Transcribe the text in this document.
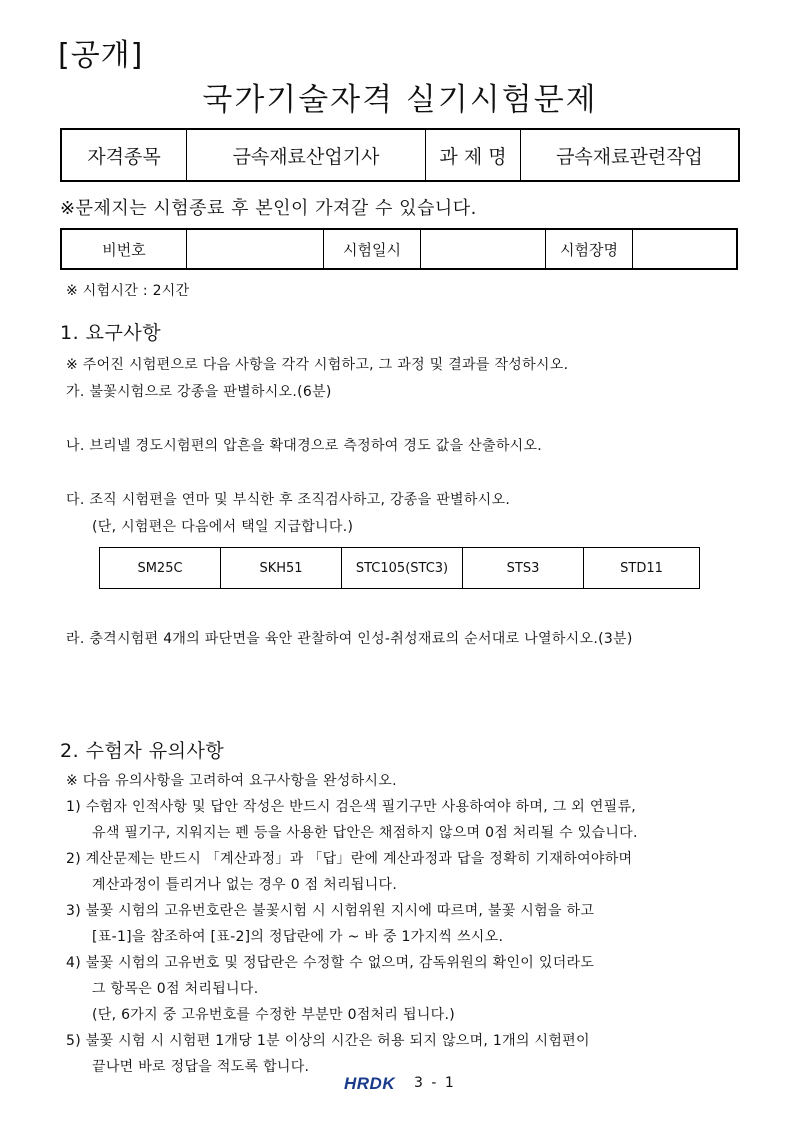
[공개]
국가기술자격 실기시험문제
자격종목	금속재료산업기사	과 제 명	금속재료관련작업
※문제지는 시험종료 후 본인이 가져갈 수 있습니다.
비번호		시험일시		시험장명	
※ 시험시간 : 2시간
1. 요구사항
※ 주어진 시험편으로 다음 사항을 각각 시험하고, 그 과정 및 결과를 작성하시오.
가. 불꽃시험으로 강종을 판별하시오.(6분)
나. 브리넬 경도시험편의 압흔을 확대경으로 측정하여 경도 값을 산출하시오.
다. 조직 시험편을 연마 및 부식한 후 조직검사하고, 강종을 판별하시오.
(단, 시험편은 다음에서 택일 지급합니다.)
SM25C	SKH51	STC105(STC3)	STS3	STD11
라. 충격시험편 4개의 파단면을 육안 관찰하여 인성-취성재료의 순서대로 나열하시오.(3분)
2. 수험자 유의사항
※ 다음 유의사항을 고려하여 요구사항을 완성하시오.
1) 수험자 인적사항 및 답안 작성은 반드시 검은색 필기구만 사용하여야 하며, 그 외 연필류,
유색 필기구, 지워지는 펜 등을 사용한 답안은 채점하지 않으며 0점 처리될 수 있습니다.
2) 계산문제는 반드시 「계산과정」과 「답」란에 계산과정과 답을 정확히 기재하여야하며
계산과정이 틀리거나 없는 경우 0 점 처리됩니다.
3) 불꽃 시험의 고유번호란은 불꽃시험 시 시험위원 지시에 따르며, 불꽃 시험을 하고
[표-1]을 참조하여 [표-2]의 정답란에 가 ~ 바 중 1가지씩 쓰시오.
4) 불꽃 시험의 고유번호 및 정답란은 수정할 수 없으며, 감독위원의 확인이 있더라도
그 항목은 0점 처리됩니다.
(단, 6가지 중 고유번호를 수정한 부분만 0점처리 됩니다.)
5) 불꽃 시험 시 시험편 1개당 1분 이상의 시간은 허용 되지 않으며, 1개의 시험편이
끝나면 바로 정답을 적도록 합니다.
HRDK 3 - 1
